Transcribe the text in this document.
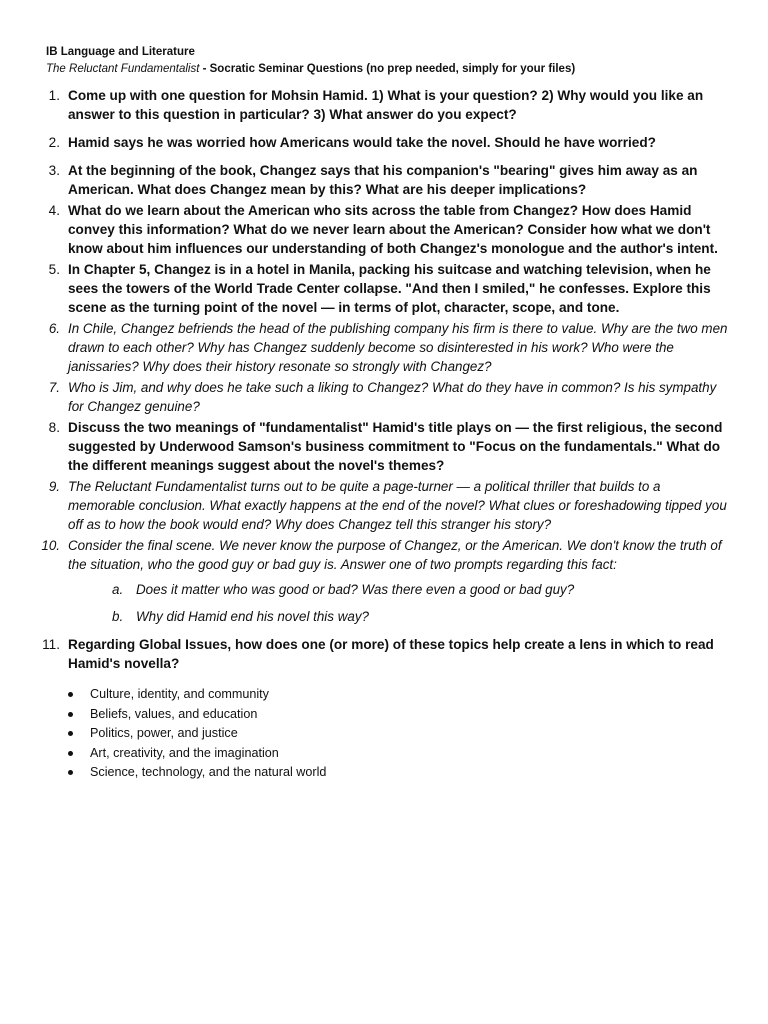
IB Language and Literature
The Reluctant Fundamentalist - Socratic Seminar Questions (no prep needed, simply for your files)
1. Come up with one question for Mohsin Hamid. 1) What is your question? 2) Why would you like an answer to this question in particular? 3) What answer do you expect?
2. Hamid says he was worried how Americans would take the novel. Should he have worried?
3. At the beginning of the book, Changez says that his companion's "bearing" gives him away as an American. What does Changez mean by this? What are his deeper implications?
4. What do we learn about the American who sits across the table from Changez? How does Hamid convey this information? What do we never learn about the American? Consider how what we don't know about him influences our understanding of both Changez's monologue and the author's intent.
5. In Chapter 5, Changez is in a hotel in Manila, packing his suitcase and watching television, when he sees the towers of the World Trade Center collapse. "And then I smiled," he confesses. Explore this scene as the turning point of the novel — in terms of plot, character, scope, and tone.
6. In Chile, Changez befriends the head of the publishing company his firm is there to value. Why are the two men drawn to each other? Why has Changez suddenly become so disinterested in his work? Who were the janissaries? Why does their history resonate so strongly with Changez?
7. Who is Jim, and why does he take such a liking to Changez? What do they have in common? Is his sympathy for Changez genuine?
8. Discuss the two meanings of "fundamentalist" Hamid's title plays on — the first religious, the second suggested by Underwood Samson's business commitment to "Focus on the fundamentals." What do the different meanings suggest about the novel's themes?
9. The Reluctant Fundamentalist turns out to be quite a page-turner — a political thriller that builds to a memorable conclusion. What exactly happens at the end of the novel? What clues or foreshadowing tipped you off as to how the book would end? Why does Changez tell this stranger his story?
10. Consider the final scene. We never know the purpose of Changez, or the American. We don't know the truth of the situation, who the good guy or bad guy is. Answer one of two prompts regarding this fact:
a. Does it matter who was good or bad? Was there even a good or bad guy?
b. Why did Hamid end his novel this way?
11. Regarding Global Issues, how does one (or more) of these topics help create a lens in which to read Hamid's novella?
Culture, identity, and community
Beliefs, values, and education
Politics, power, and justice
Art, creativity, and the imagination
Science, technology, and the natural world
